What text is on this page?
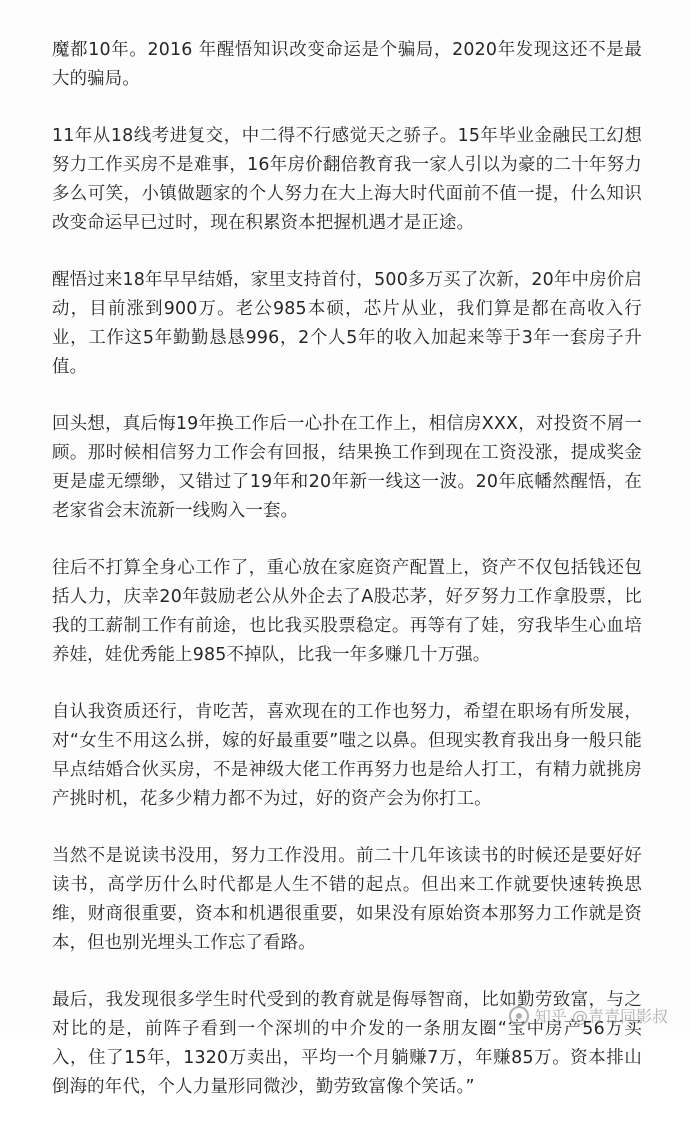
魔都10年。2016 年醒悟知识改变命运是个骗局，2020年发现这还不是最大的骗局。

11年从18线考进复交，中二得不行感觉天之骄子。15年毕业金融民工幻想努力工作买房不是难事，16年房价翻倍教育我一家人引以为豪的二十年努力多么可笑，小镇做题家的个人努力在大上海大时代面前不值一提，什么知识改变命运早已过时，现在积累资本把握机遇才是正途。

醒悟过来18年早早结婚，家里支持首付，500多万买了次新，20年中房价启动，目前涨到900万。老公985本硕，芯片从业，我们算是都在高收入行业，工作这5年勤勤恳恳996，2个人5年的收入加起来等于3年一套房子升值。

回头想，真后悔19年换工作后一心扑在工作上，相信房XXX，对投资不屑一顾。那时候相信努力工作会有回报，结果换工作到现在工资没涨，提成奖金更是虚无缥缈，又错过了19年和20年新一线这一波。20年底幡然醒悟，在老家省会末流新一线购入一套。

往后不打算全身心工作了，重心放在家庭资产配置上，资产不仅包括钱还包括人力，庆幸20年鼓励老公从外企去了A股芯茅，好歹努力工作拿股票，比我的工薪制工作有前途，也比我买股票稳定。再等有了娃，穷我毕生心血培养娃，娃优秀能上985不掉队，比我一年多赚几十万强。

自认我资质还行，肯吃苦，喜欢现在的工作也努力，希望在职场有所发展，对“女生不用这么拼，嫁的好最重要”嗤之以鼻。但现实教育我出身一般只能早点结婚合伙买房，不是神级大佬工作再努力也是给人打工，有精力就挑房产挑时机，花多少精力都不为过，好的资产会为你打工。

当然不是说读书没用，努力工作没用。前二十几年该读书的时候还是要好好读书，高学历什么时代都是人生不错的起点。但出来工作就要快速转换思维，财商很重要，资本和机遇很重要，如果没有原始资本那努力工作就是资本，但也别光埋头工作忘了看路。

最后，我发现很多学生时代受到的教育就是侮辱智商，比如勤劳致富，与之对比的是，前阵子看到一个深圳的中介发的一条朋友圈“宝中房产56万买入，住了15年，1320万卖出，平均一个月躺赚7万，年赚85万。资本排山倒海的年代，个人力量形同微沙，勤劳致富像个笑话。”

知乎 @青青同影叔
